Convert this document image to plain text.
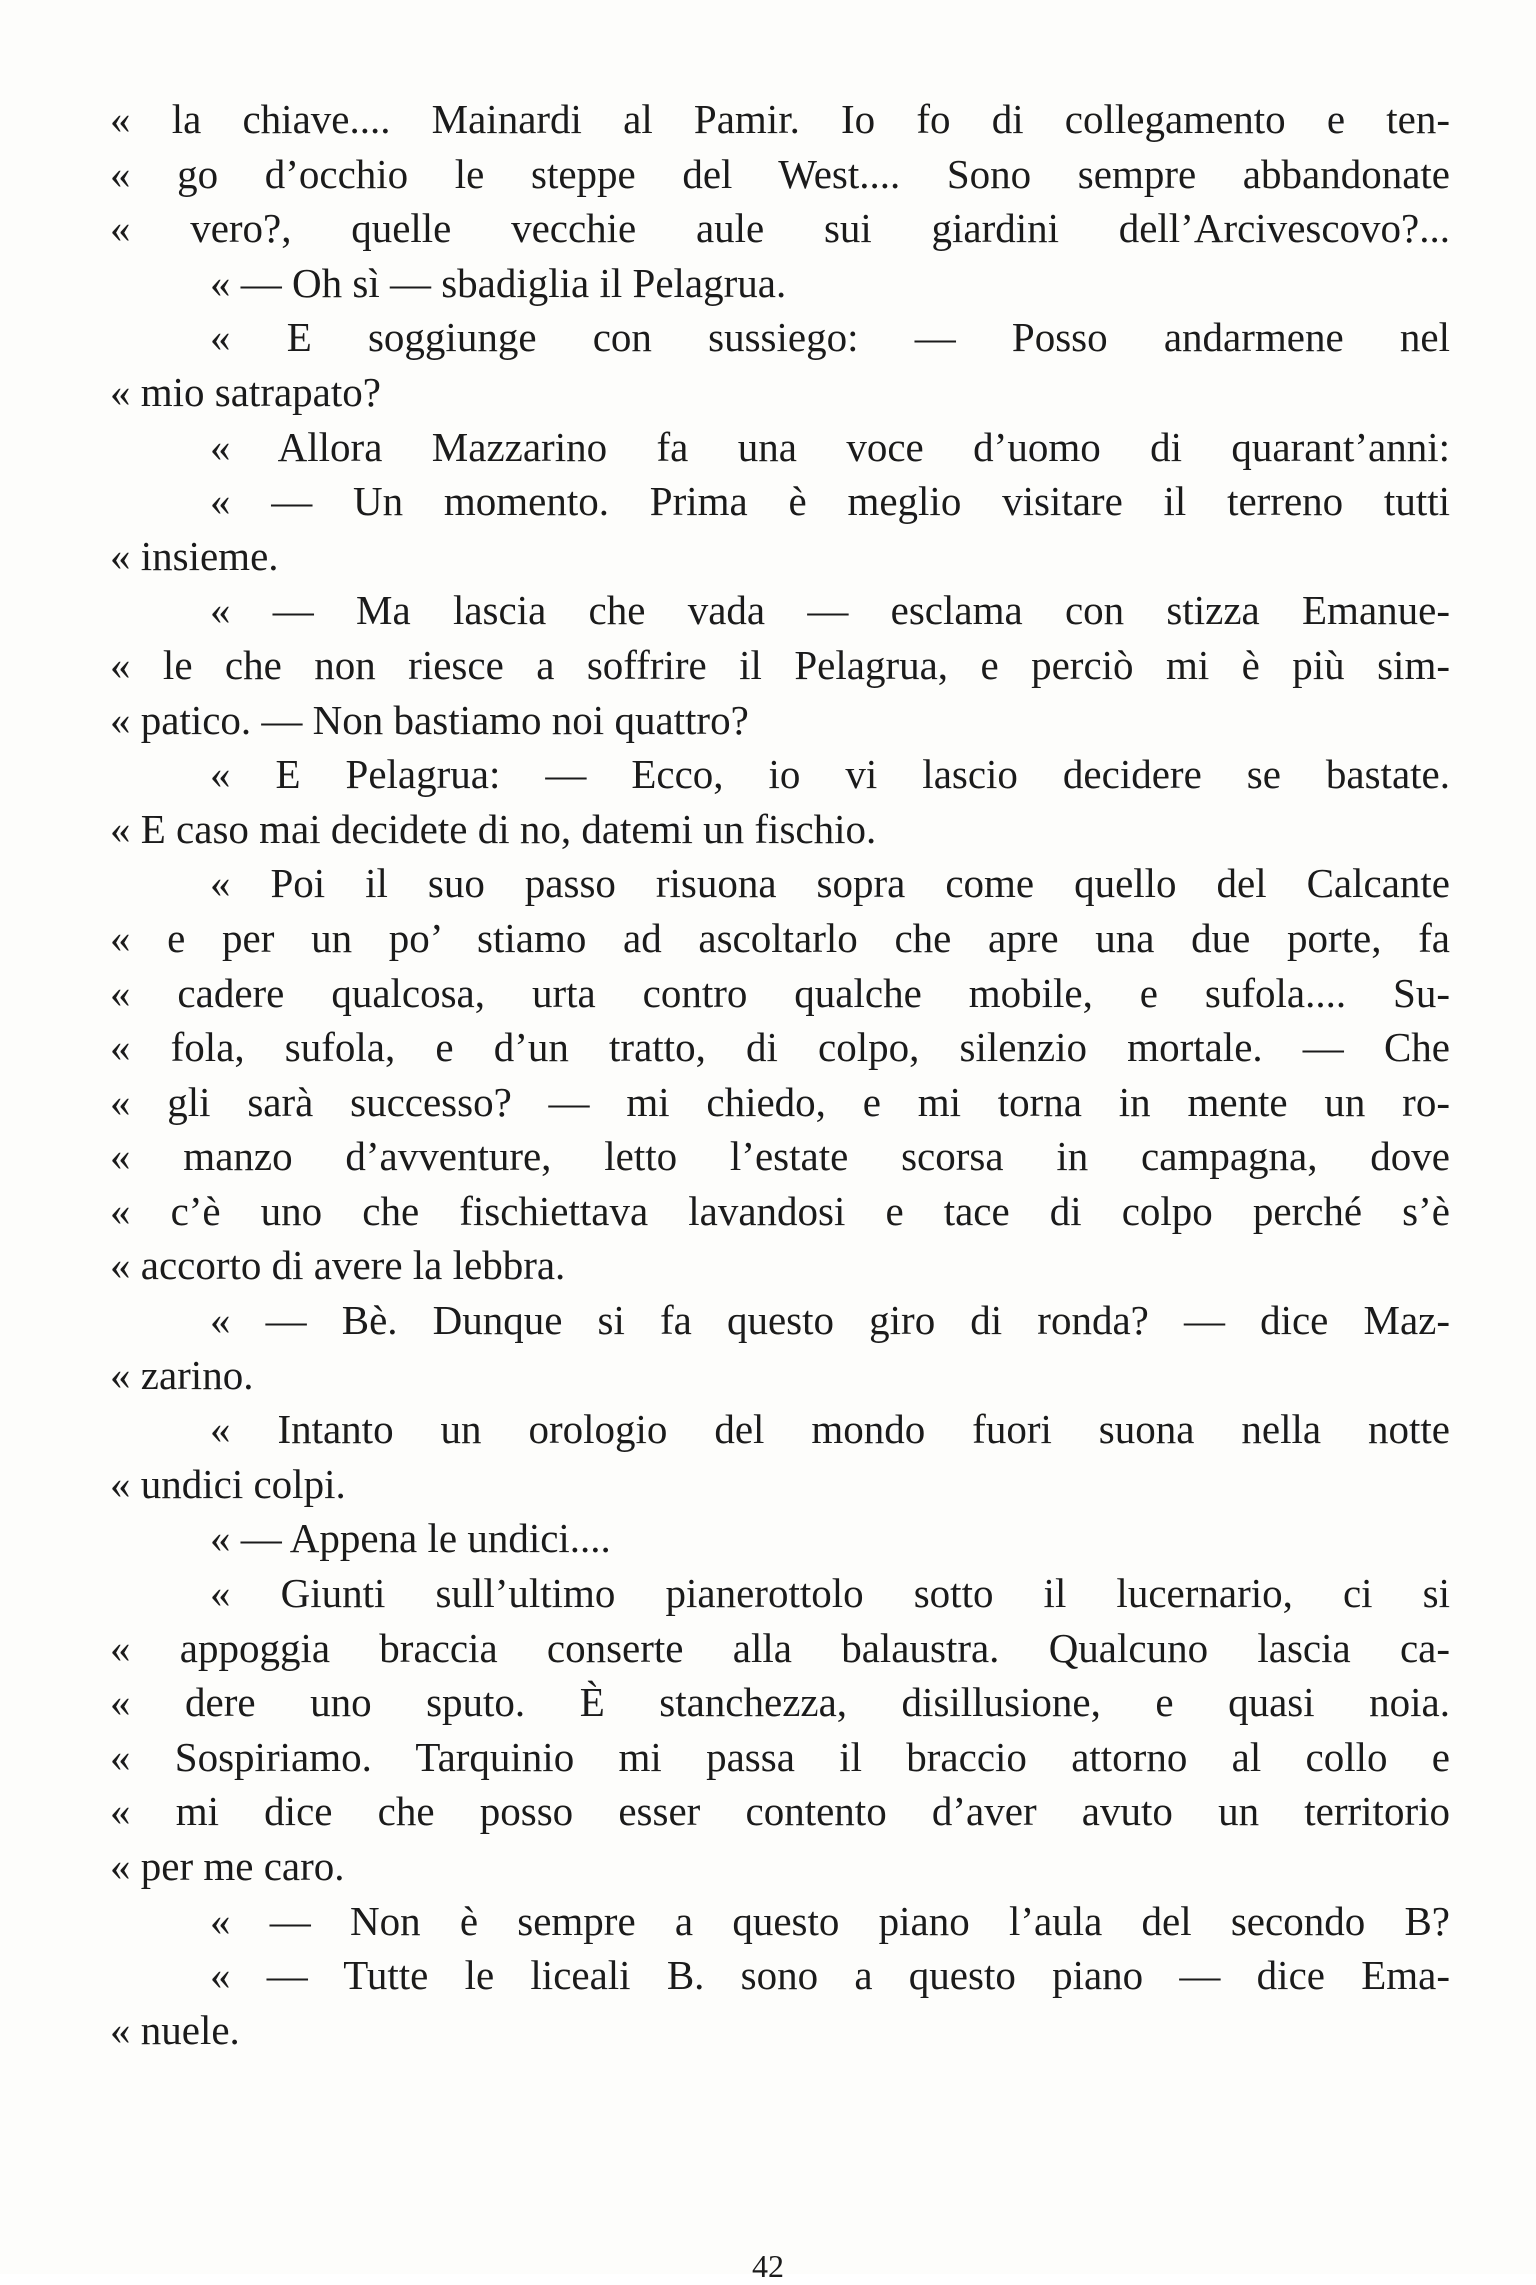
« la chiave.... Mainardi al Pamir. Io fo di collegamento e ten-
« go d’occhio le steppe del West.... Sono sempre abbandonate
« vero?, quelle vecchie aule sui giardini dell’Arcivescovo?...
« — Oh sì — sbadiglia il Pelagrua.
« E soggiunge con sussiego: — Posso andarmene nel
« mio satrapato?
« Allora Mazzarino fa una voce d’uomo di quarant’anni:
« — Un momento. Prima è meglio visitare il terreno tutti
« insieme.
« — Ma lascia che vada — esclama con stizza Emanue-
« le che non riesce a soffrire il Pelagrua, e perciò mi è più sim-
« patico. — Non bastiamo noi quattro?
« E Pelagrua: — Ecco, io vi lascio decidere se bastate.
« E caso mai decidete di no, datemi un fischio.
« Poi il suo passo risuona sopra come quello del Calcante
« e per un po’ stiamo ad ascoltarlo che apre una due porte, fa
« cadere qualcosa, urta contro qualche mobile, e sufola.... Su-
« fola, sufola, e d’un tratto, di colpo, silenzio mortale. — Che
« gli sarà successo? — mi chiedo, e mi torna in mente un ro-
« manzo d’avventure, letto l’estate scorsa in campagna, dove
« c’è uno che fischiettava lavandosi e tace di colpo perché s’è
« accorto di avere la lebbra.
« — Bè. Dunque si fa questo giro di ronda? — dice Maz-
« zarino.
« Intanto un orologio del mondo fuori suona nella notte
« undici colpi.
« — Appena le undici....
« Giunti sull’ultimo pianerottolo sotto il lucernario, ci si
« appoggia braccia conserte alla balaustra. Qualcuno lascia ca-
« dere uno sputo. È stanchezza, disillusione, e quasi noia.
« Sospiriamo. Tarquinio mi passa il braccio attorno al collo e
« mi dice che posso esser contento d’aver avuto un territorio
« per me caro.
« — Non è sempre a questo piano l’aula del secondo B?
« — Tutte le liceali B. sono a questo piano — dice Ema-
« nuele.
42
